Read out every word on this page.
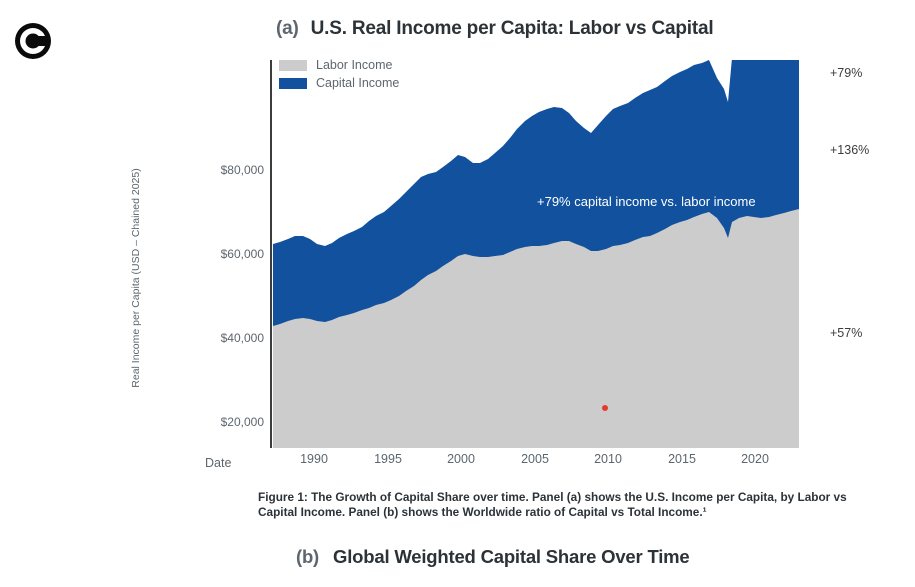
(a) U.S. Real Income per Capita: Labor vs Capital
Real Income per Capita (USD – Chained 2025)	$80,000
$60,000
$40,000
$20,000
+79% capital income vs. labor income
Labor Income
Capital Income
+79%
+136%
+57%
Date	1990	1995	2000	2005	2010	2015	2020
Figure 1: The Growth of Capital Share over time. Panel (a) shows the U.S. Income per Capita, by Labor vs Capital Income. Panel (b) shows the Worldwide ratio of Capital vs Total Income.¹
(b) Global Weighted Capital Share Over Time
